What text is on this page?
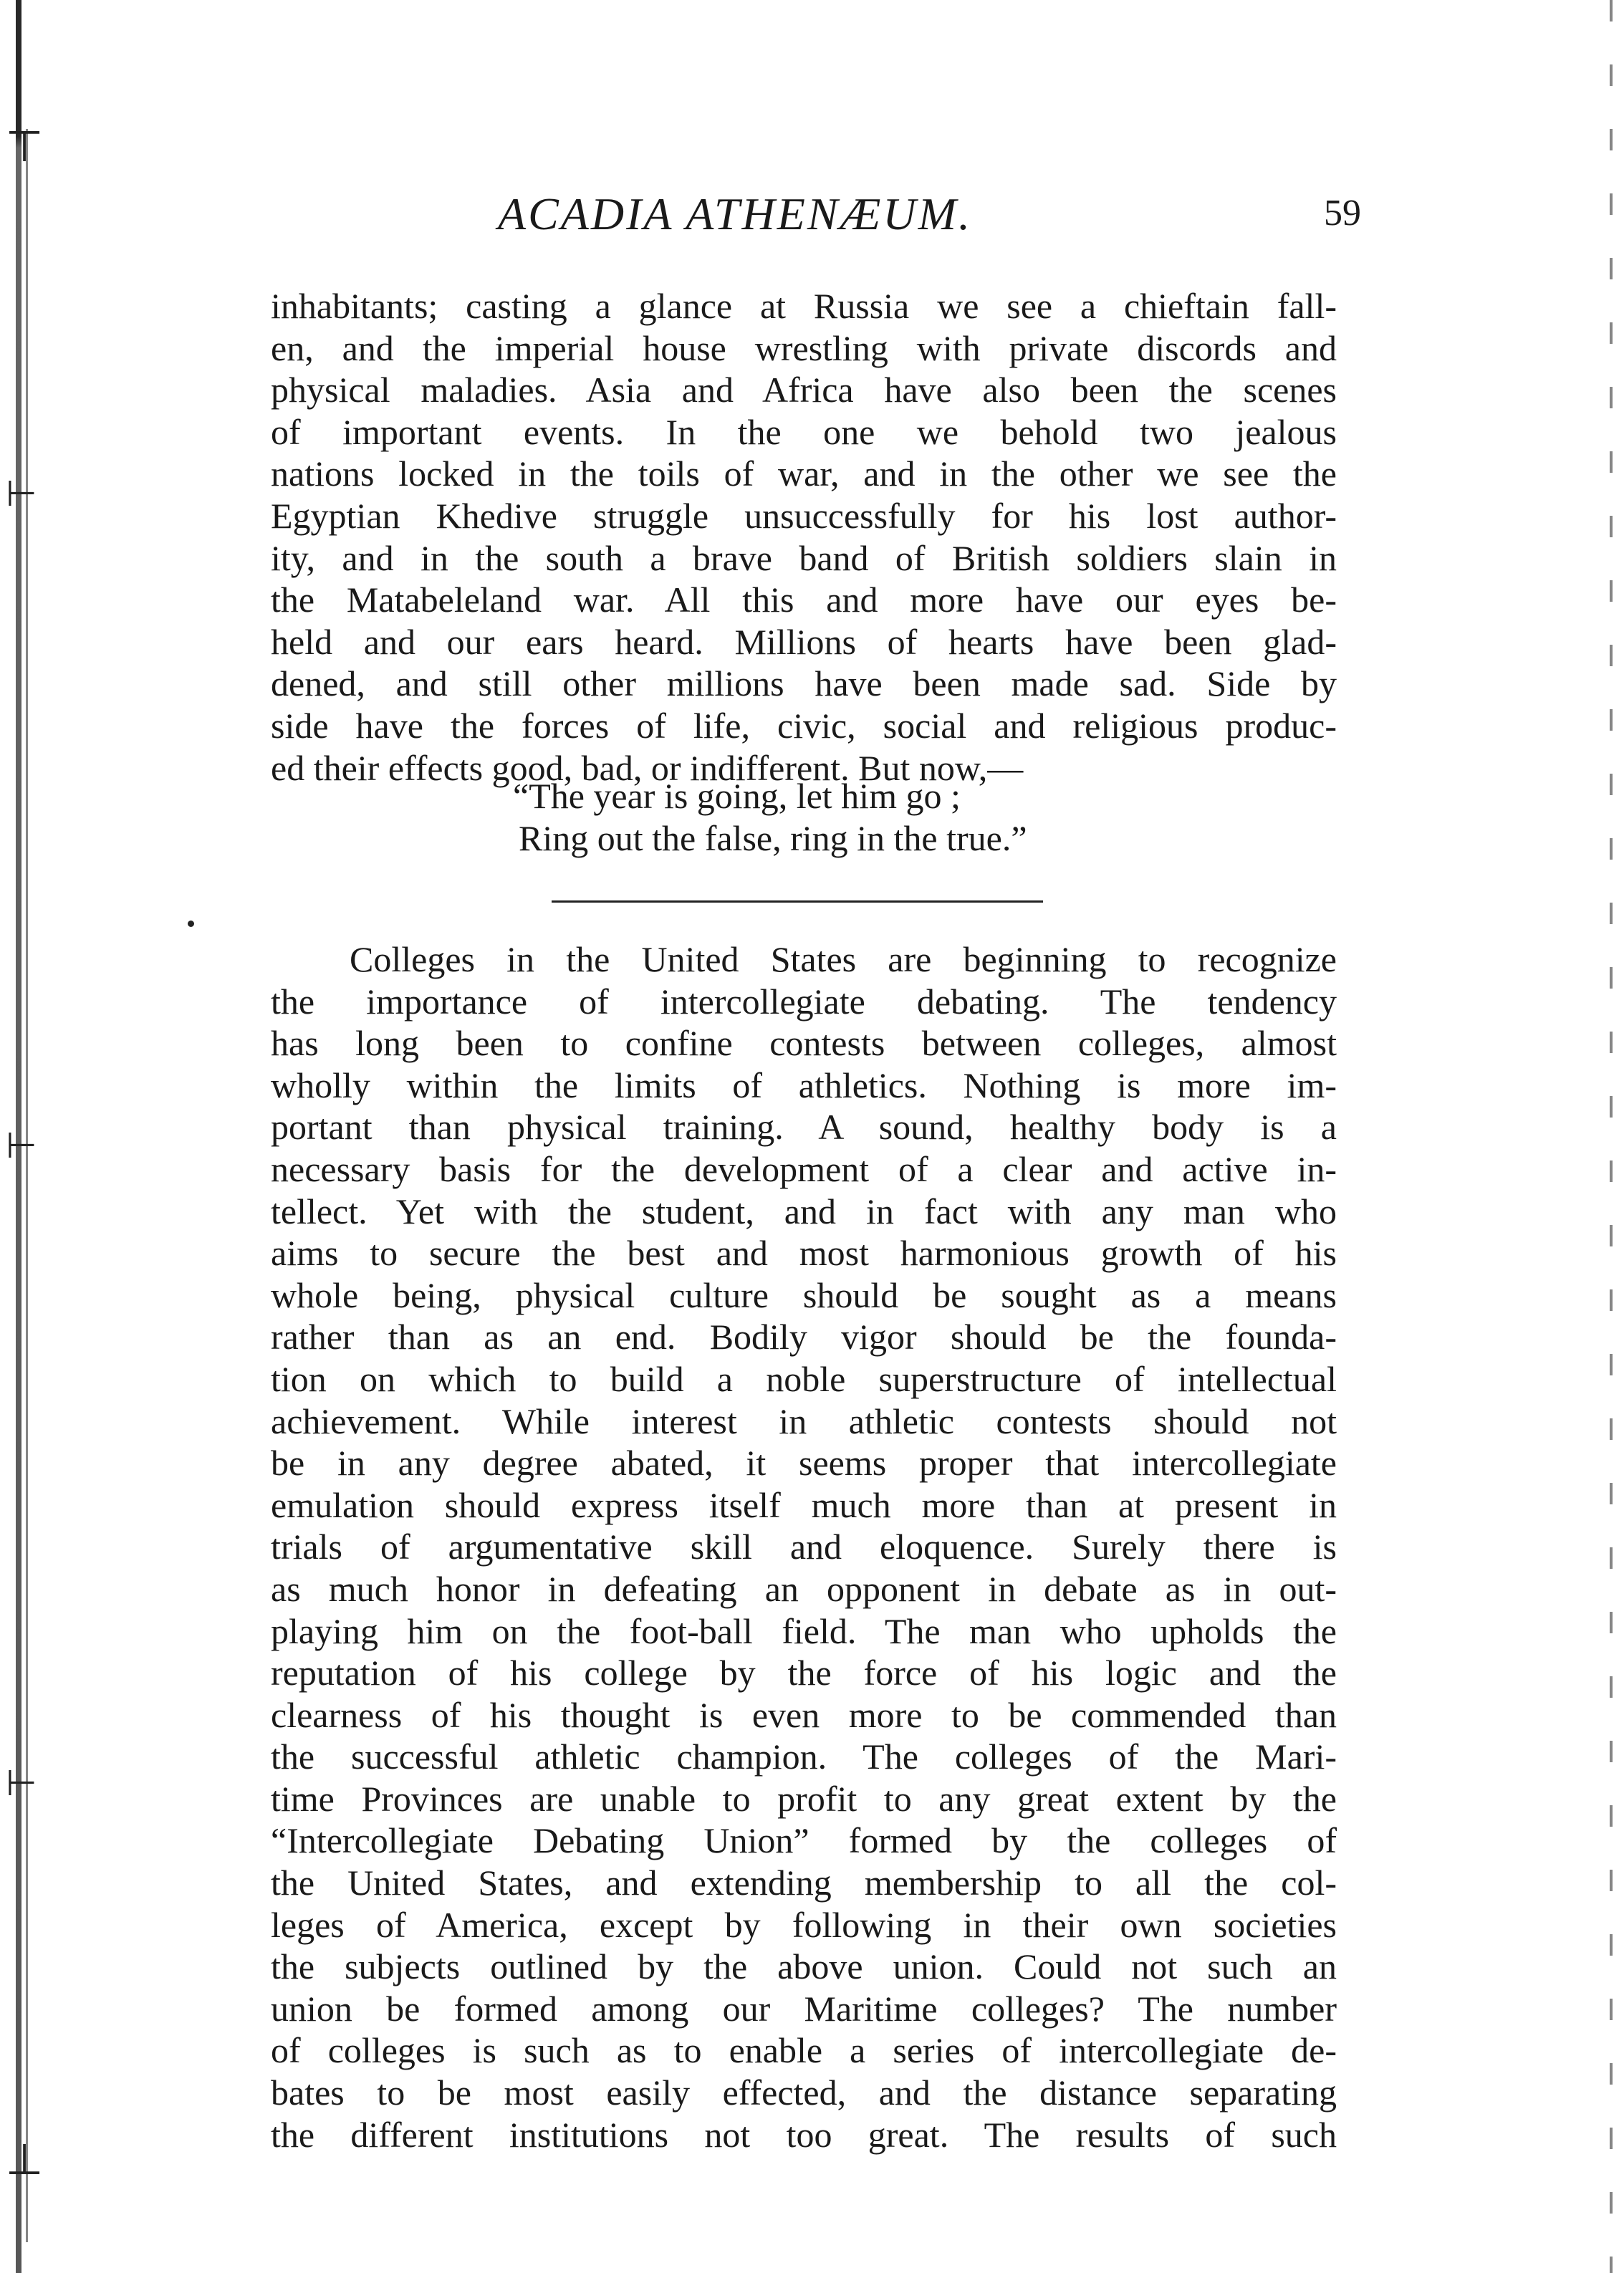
⊤
⊢
⊢
⊢
⊥
ACADIA ATHENÆUM.	59
inhabitants; casting a glance at Russia we see a chieftain fall-
en, and the imperial house wrestling with private discords and
physical maladies. Asia and Africa have also been the scenes
of important events. In the one we behold two jealous
nations locked in the toils of war, and in the other we see the
Egyptian Khedive struggle unsuccessfully for his lost author-
ity, and in the south a brave band of British soldiers slain in
the Matabeleland war. All this and more have our eyes be-
held and our ears heard. Millions of hearts have been glad-
dened, and still other millions have been made sad. Side by
side have the forces of life, civic, social and religious produc-
ed their effects good, bad, or indifferent. But now,—
“The year is going, let him go ;
Ring out the false, ring in the true.”
Colleges in the United States are beginning to recognize
the importance of intercollegiate debating. The tendency
has long been to confine contests between colleges, almost
wholly within the limits of athletics. Nothing is more im-
portant than physical training. A sound, healthy body is a
necessary basis for the development of a clear and active in-
tellect. Yet with the student, and in fact with any man who
aims to secure the best and most harmonious growth of his
whole being, physical culture should be sought as a means
rather than as an end. Bodily vigor should be the founda-
tion on which to build a noble superstructure of intellectual
achievement. While interest in athletic contests should not
be in any degree abated, it seems proper that intercollegiate
emulation should express itself much more than at present in
trials of argumentative skill and eloquence. Surely there is
as much honor in defeating an opponent in debate as in out-
playing him on the foot-ball field. The man who upholds the
reputation of his college by the force of his logic and the
clearness of his thought is even more to be commended than
the successful athletic champion. The colleges of the Mari-
time Provinces are unable to profit to any great extent by the
“Intercollegiate Debating Union” formed by the colleges of
the United States, and extending membership to all the col-
leges of America, except by following in their own societies
the subjects outlined by the above union. Could not such an
union be formed among our Maritime colleges? The number
of colleges is such as to enable a series of intercollegiate de-
bates to be most easily effected, and the distance separating
the different institutions not too great. The results of such
